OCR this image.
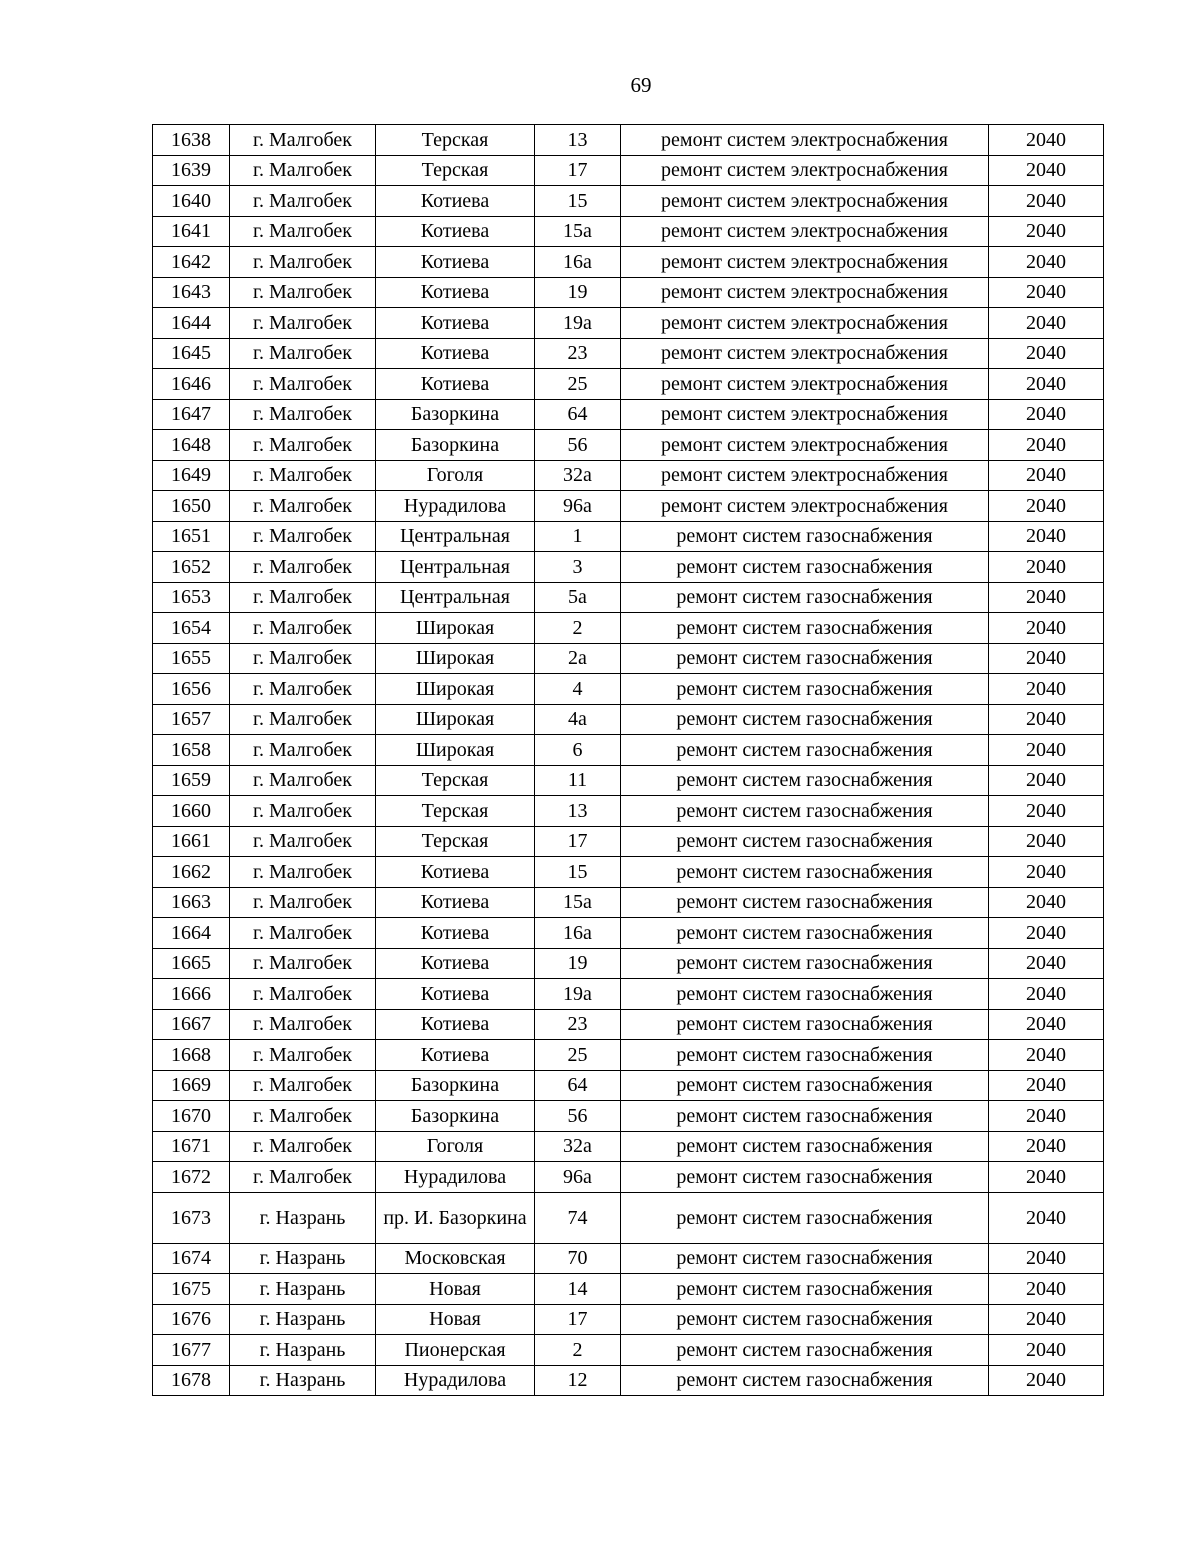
69
1638	г. Малгобек	Терская	13	ремонт систем электроснабжения	2040
1639	г. Малгобек	Терская	17	ремонт систем электроснабжения	2040
1640	г. Малгобек	Котиева	15	ремонт систем электроснабжения	2040
1641	г. Малгобек	Котиева	15а	ремонт систем электроснабжения	2040
1642	г. Малгобек	Котиева	16а	ремонт систем электроснабжения	2040
1643	г. Малгобек	Котиева	19	ремонт систем электроснабжения	2040
1644	г. Малгобек	Котиева	19а	ремонт систем электроснабжения	2040
1645	г. Малгобек	Котиева	23	ремонт систем электроснабжения	2040
1646	г. Малгобек	Котиева	25	ремонт систем электроснабжения	2040
1647	г. Малгобек	Базоркина	64	ремонт систем электроснабжения	2040
1648	г. Малгобек	Базоркина	56	ремонт систем электроснабжения	2040
1649	г. Малгобек	Гоголя	32а	ремонт систем электроснабжения	2040
1650	г. Малгобек	Нурадилова	96а	ремонт систем электроснабжения	2040
1651	г. Малгобек	Центральная	1	ремонт систем газоснабжения	2040
1652	г. Малгобек	Центральная	3	ремонт систем газоснабжения	2040
1653	г. Малгобек	Центральная	5а	ремонт систем газоснабжения	2040
1654	г. Малгобек	Широкая	2	ремонт систем газоснабжения	2040
1655	г. Малгобек	Широкая	2а	ремонт систем газоснабжения	2040
1656	г. Малгобек	Широкая	4	ремонт систем газоснабжения	2040
1657	г. Малгобек	Широкая	4а	ремонт систем газоснабжения	2040
1658	г. Малгобек	Широкая	6	ремонт систем газоснабжения	2040
1659	г. Малгобек	Терская	11	ремонт систем газоснабжения	2040
1660	г. Малгобек	Терская	13	ремонт систем газоснабжения	2040
1661	г. Малгобек	Терская	17	ремонт систем газоснабжения	2040
1662	г. Малгобек	Котиева	15	ремонт систем газоснабжения	2040
1663	г. Малгобек	Котиева	15а	ремонт систем газоснабжения	2040
1664	г. Малгобек	Котиева	16а	ремонт систем газоснабжения	2040
1665	г. Малгобек	Котиева	19	ремонт систем газоснабжения	2040
1666	г. Малгобек	Котиева	19а	ремонт систем газоснабжения	2040
1667	г. Малгобек	Котиева	23	ремонт систем газоснабжения	2040
1668	г. Малгобек	Котиева	25	ремонт систем газоснабжения	2040
1669	г. Малгобек	Базоркина	64	ремонт систем газоснабжения	2040
1670	г. Малгобек	Базоркина	56	ремонт систем газоснабжения	2040
1671	г. Малгобек	Гоголя	32а	ремонт систем газоснабжения	2040
1672	г. Малгобек	Нурадилова	96а	ремонт систем газоснабжения	2040
1673	г. Назрань	пр. И. Базоркина	74	ремонт систем газоснабжения	2040
1674	г. Назрань	Московская	70	ремонт систем газоснабжения	2040
1675	г. Назрань	Новая	14	ремонт систем газоснабжения	2040
1676	г. Назрань	Новая	17	ремонт систем газоснабжения	2040
1677	г. Назрань	Пионерская	2	ремонт систем газоснабжения	2040
1678	г. Назрань	Нурадилова	12	ремонт систем газоснабжения	2040
